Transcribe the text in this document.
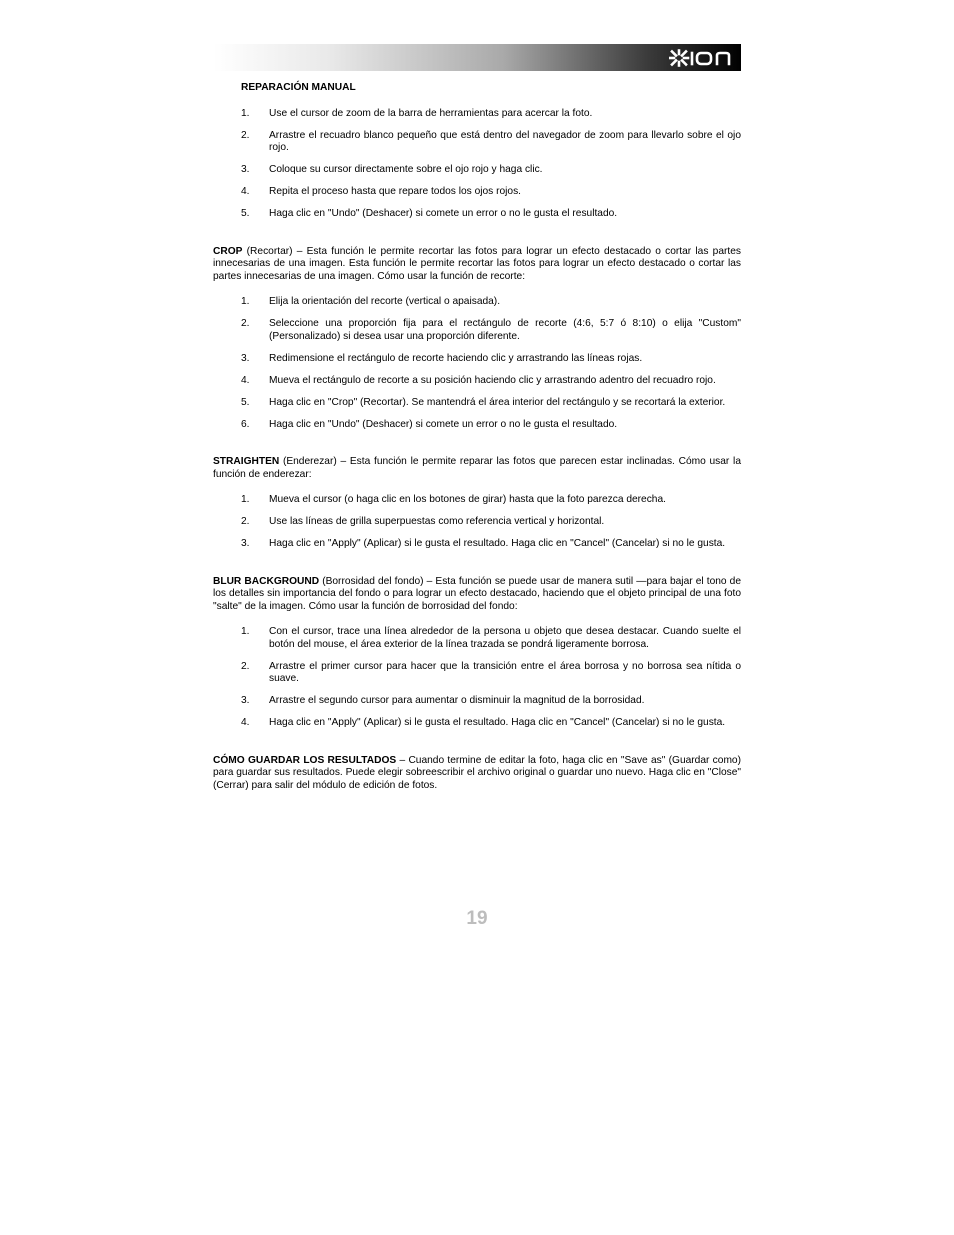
REPARACIÓN MANUAL
1. Use el cursor de zoom de la barra de herramientas para acercar la foto.
2. Arrastre el recuadro blanco pequeño que está dentro del navegador de zoom para llevarlo sobre el ojo rojo.
3. Coloque su cursor directamente sobre el ojo rojo y haga clic.
4. Repita el proceso hasta que repare todos los ojos rojos.
5. Haga clic en "Undo" (Deshacer) si comete un error o no le gusta el resultado.

CROP (Recortar) – Esta función le permite recortar las fotos para lograr un efecto destacado o cortar las partes innecesarias de una imagen. Esta función le permite recortar las fotos para lograr un efecto destacado o cortar las partes innecesarias de una imagen. Cómo usar la función de recorte:

1. Elija la orientación del recorte (vertical o apaisada).
2. Seleccione una proporción fija para el rectángulo de recorte (4:6, 5:7 ó 8:10) o elija "Custom" (Personalizado) si desea usar una proporción diferente.
3. Redimensione el rectángulo de recorte haciendo clic y arrastrando las líneas rojas.
4. Mueva el rectángulo de recorte a su posición haciendo clic y arrastrando adentro del recuadro rojo.
5. Haga clic en "Crop" (Recortar). Se mantendrá el área interior del rectángulo y se recortará la exterior.
6. Haga clic en "Undo" (Deshacer) si comete un error o no le gusta el resultado.

STRAIGHTEN (Enderezar) – Esta función le permite reparar las fotos que parecen estar inclinadas. Cómo usar la función de enderezar:

1. Mueva el cursor (o haga clic en los botones de girar) hasta que la foto parezca derecha.
2. Use las líneas de grilla superpuestas como referencia vertical y horizontal.
3. Haga clic en "Apply" (Aplicar) si le gusta el resultado. Haga clic en "Cancel" (Cancelar) si no le gusta.

BLUR BACKGROUND (Borrosidad del fondo) – Esta función se puede usar de manera sutil —para bajar el tono de los detalles sin importancia del fondo o para lograr un efecto destacado, haciendo que el objeto principal de una foto "salte" de la imagen. Cómo usar la función de borrosidad del fondo:

1. Con el cursor, trace una línea alrededor de la persona u objeto que desea destacar. Cuando suelte el botón del mouse, el área exterior de la línea trazada se pondrá ligeramente borrosa.
2. Arrastre el primer cursor para hacer que la transición entre el área borrosa y no borrosa sea nítida o suave.
3. Arrastre el segundo cursor para aumentar o disminuir la magnitud de la borrosidad.
4. Haga clic en "Apply" (Aplicar) si le gusta el resultado. Haga clic en "Cancel" (Cancelar) si no le gusta.

CÓMO GUARDAR LOS RESULTADOS – Cuando termine de editar la foto, haga clic en "Save as" (Guardar como) para guardar sus resultados. Puede elegir sobreescribir el archivo original o guardar uno nuevo. Haga clic en "Close" (Cerrar) para salir del módulo de edición de fotos.

19
